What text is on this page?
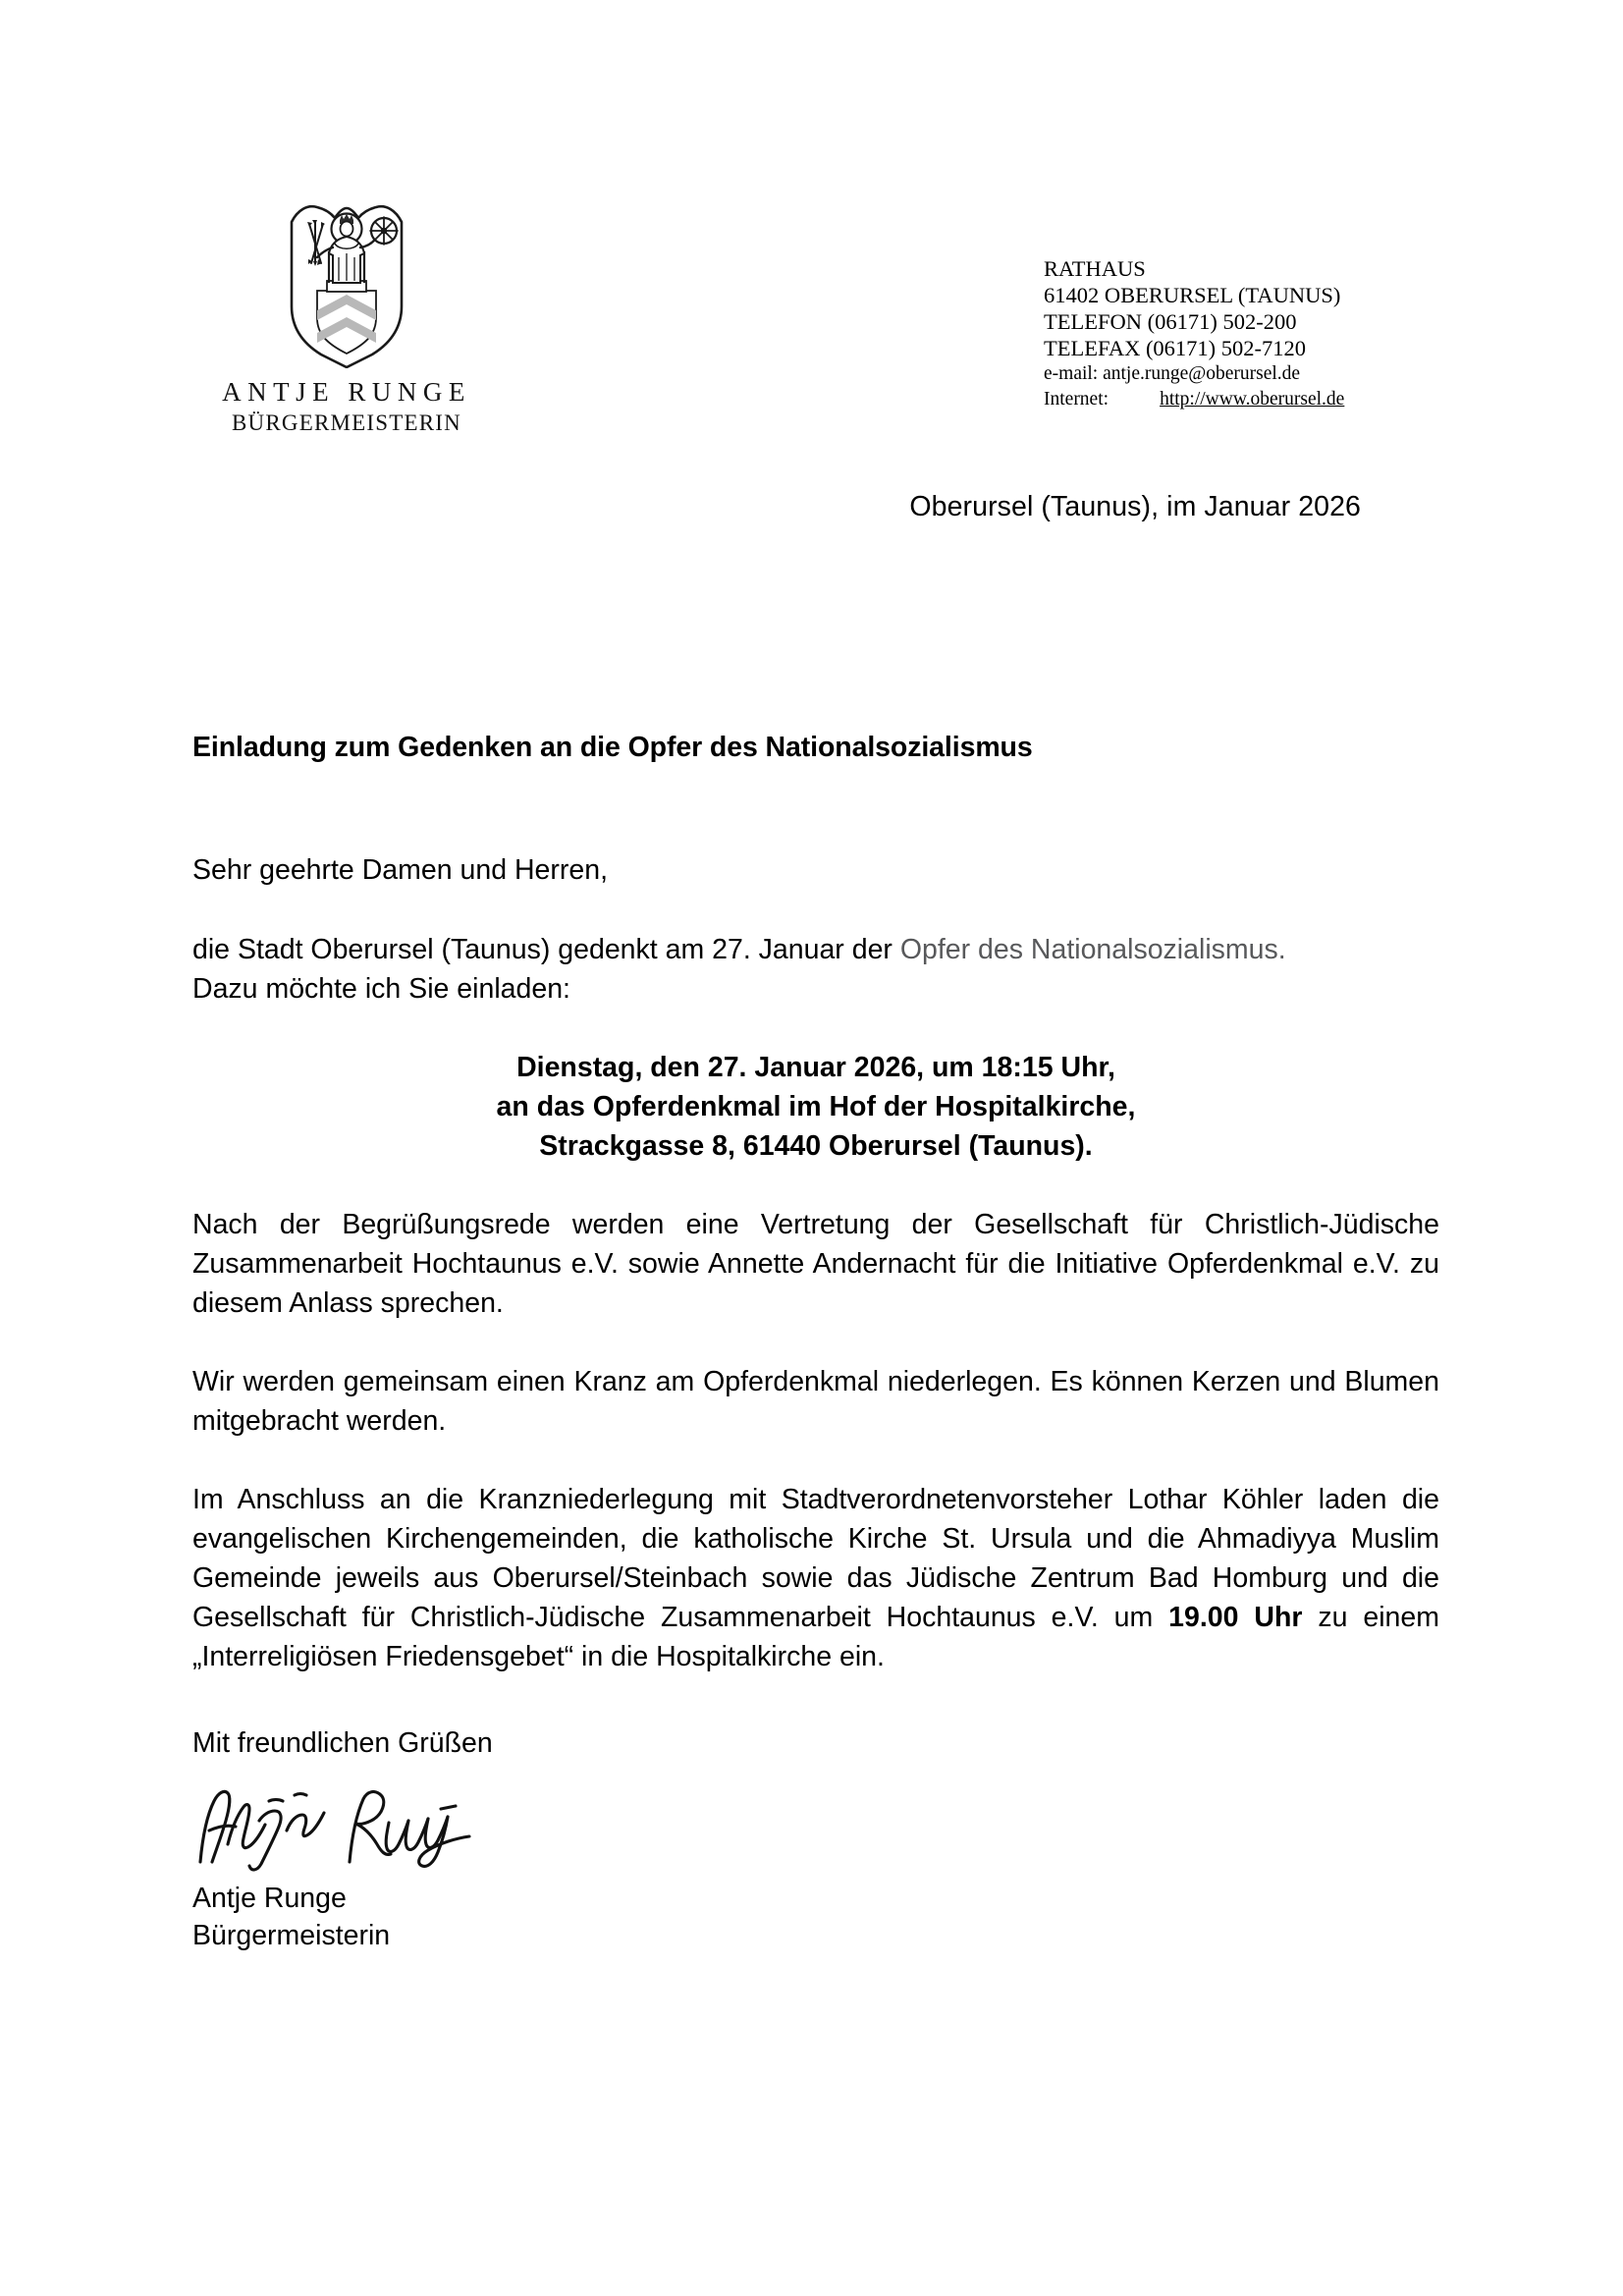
ANTJE RUNGE
BÜRGERMEISTERIN
RATHAUS
61402 OBERURSEL (TAUNUS)
TELEFON (06171) 502-200
TELEFAX (06171) 502-7120
e-mail: antje.runge@oberursel.de
Internet:	http://www.oberursel.de
Oberursel (Taunus), im Januar 2026
Einladung zum Gedenken an die Opfer des Nationalsozialismus
Sehr geehrte Damen und Herren,

die Stadt Oberursel (Taunus) gedenkt am 27. Januar der Opfer des Nationalsozialismus.
Dazu möchte ich Sie einladen:

Dienstag, den 27. Januar 2026, um 18:15 Uhr,
an das Opferdenkmal im Hof der Hospitalkirche,
Strackgasse 8, 61440 Oberursel (Taunus).

Nach der Begrüßungsrede werden eine Vertretung der Gesellschaft für Christlich-Jüdische Zusammenarbeit Hochtaunus e.V. sowie Annette Andernacht für die Initiative Opferdenkmal e.V. zu diesem Anlass sprechen.

Wir werden gemeinsam einen Kranz am Opferdenkmal niederlegen. Es können Kerzen und Blumen mitgebracht werden.

Im Anschluss an die Kranzniederlegung mit Stadtverordnetenvorsteher Lothar Köhler laden die evangelischen Kirchengemeinden, die katholische Kirche St. Ursula und die Ahmadiyya Muslim Gemeinde jeweils aus Oberursel/Steinbach sowie das Jüdische Zentrum Bad Homburg und die Gesellschaft für Christlich-Jüdische Zusammenarbeit Hochtaunus e.V. um 19.00 Uhr zu einem „Interreligiösen Friedensgebet“ in die Hospitalkirche ein.

Mit freundlichen Grüßen

Antje Runge
Bürgermeisterin
